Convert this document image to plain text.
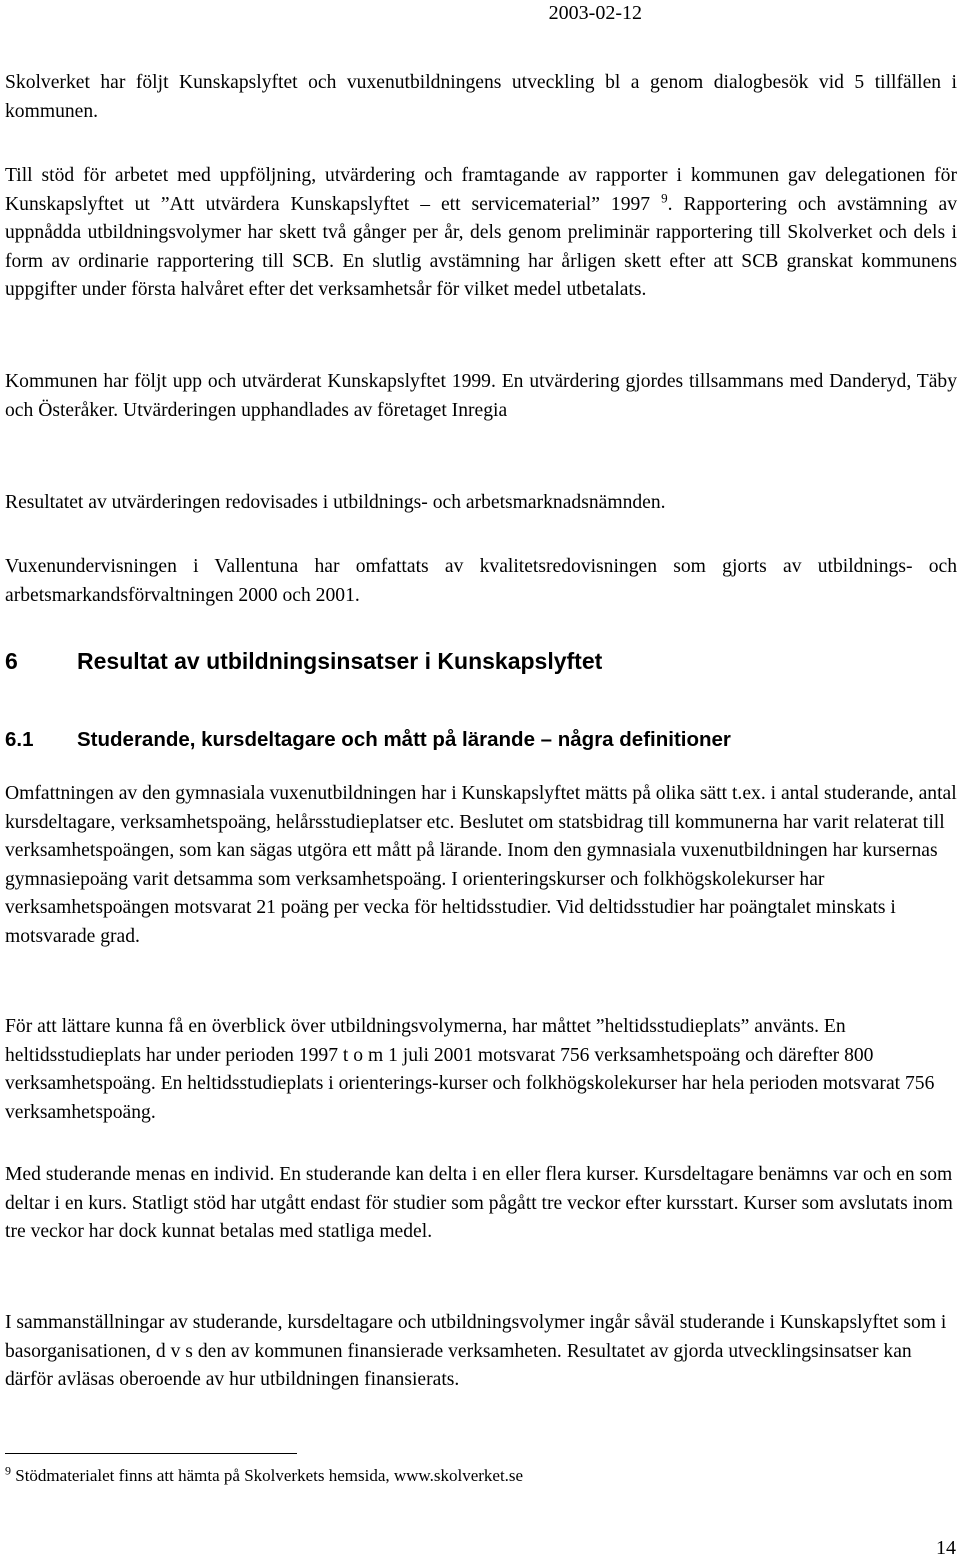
2003-02-12

Skolverket har följt Kunskapslyftet och vuxenutbildningens utveckling bl a genom dialogbesök vid 5 tillfällen i kommunen.

Till stöd för arbetet med uppföljning, utvärdering och framtagande av rapporter i kommunen gav delegationen för Kunskapslyftet ut ”Att utvärdera Kunskapslyftet – ett servicematerial” 1997 $^9$. Rapportering och avstämning av uppnådda utbildningsvolymer har skett två gånger per år, dels genom preliminär rapportering till Skolverket och dels i form av ordinarie rapportering till SCB. En slutlig avstämning har årligen skett efter att SCB granskat kommunens uppgifter under första halvåret efter det verksamhetsår för vilket medel utbetalats.

Kommunen har följt upp och utvärderat Kunskapslyftet 1999. En utvärdering gjordes tillsammans med Danderyd, Täby och Österåker. Utvärderingen upphandlades av företaget Inregia

Resultatet av utvärderingen redovisades i utbildnings- och arbetsmarknadsnämnden.

Vuxenundervisningen i Vallentuna har omfattats av kvalitetsredovisningen som gjorts av utbildnings- och arbetsmarkandsförvaltningen 2000 och 2001.

6	Resultat av utbildningsinsatser i Kunskapslyftet
6.1 Studerande, kursdeltagare och mått på lärande – några definitioner

Omfattningen av den gymnasiala vuxenutbildningen har i Kunskapslyftet mätts på olika sätt t.ex. i antal studerande, antal kursdeltagare, verksamhetspoäng, helårsstudieplatser etc. Beslutet om statsbidrag till kommunerna har varit relaterat till verksamhetspoängen, som kan sägas utgöra ett mått på lärande. Inom den gymnasiala vuxenutbildningen har kursernas gymnasiepoäng varit detsamma som verksamhetspoäng. I orienteringskurser och folkhögskolekurser har verksamhetspoängen motsvarat 21 poäng per vecka för heltidsstudier. Vid deltidsstudier har poängtalet minskats i motsvarade grad.

För att lättare kunna få en överblick över utbildningsvolymerna, har måttet ”heltidsstudieplats” använts. En heltidsstudieplats har under perioden 1997 t o m 1 juli 2001 motsvarat 756 verksamhetspoäng och därefter 800 verksamhetspoäng. En heltidsstudieplats i orienterings-kurser och folkhögskolekurser har hela perioden motsvarat 756 verksamhetspoäng.

Med studerande menas en individ. En studerande kan delta i en eller flera kurser. Kursdeltagare benämns var och en som deltar i en kurs. Statligt stöd har utgått endast för studier som pågått tre veckor efter kursstart. Kurser som avslutats inom tre veckor har dock kunnat betalas med statliga medel.

I sammanställningar av studerande, kursdeltagare och utbildningsvolymer ingår såväl studerande i Kunskapslyftet som i basorganisationen, d v s den av kommunen finansierade verksamheten. Resultatet av gjorda utvecklingsinsatser kan därför avläsas oberoende av hur utbildningen finansierats.

$^9$ Stödmaterialet finns att hämta på Skolverkets hemsida, www.skolverket.se

14
